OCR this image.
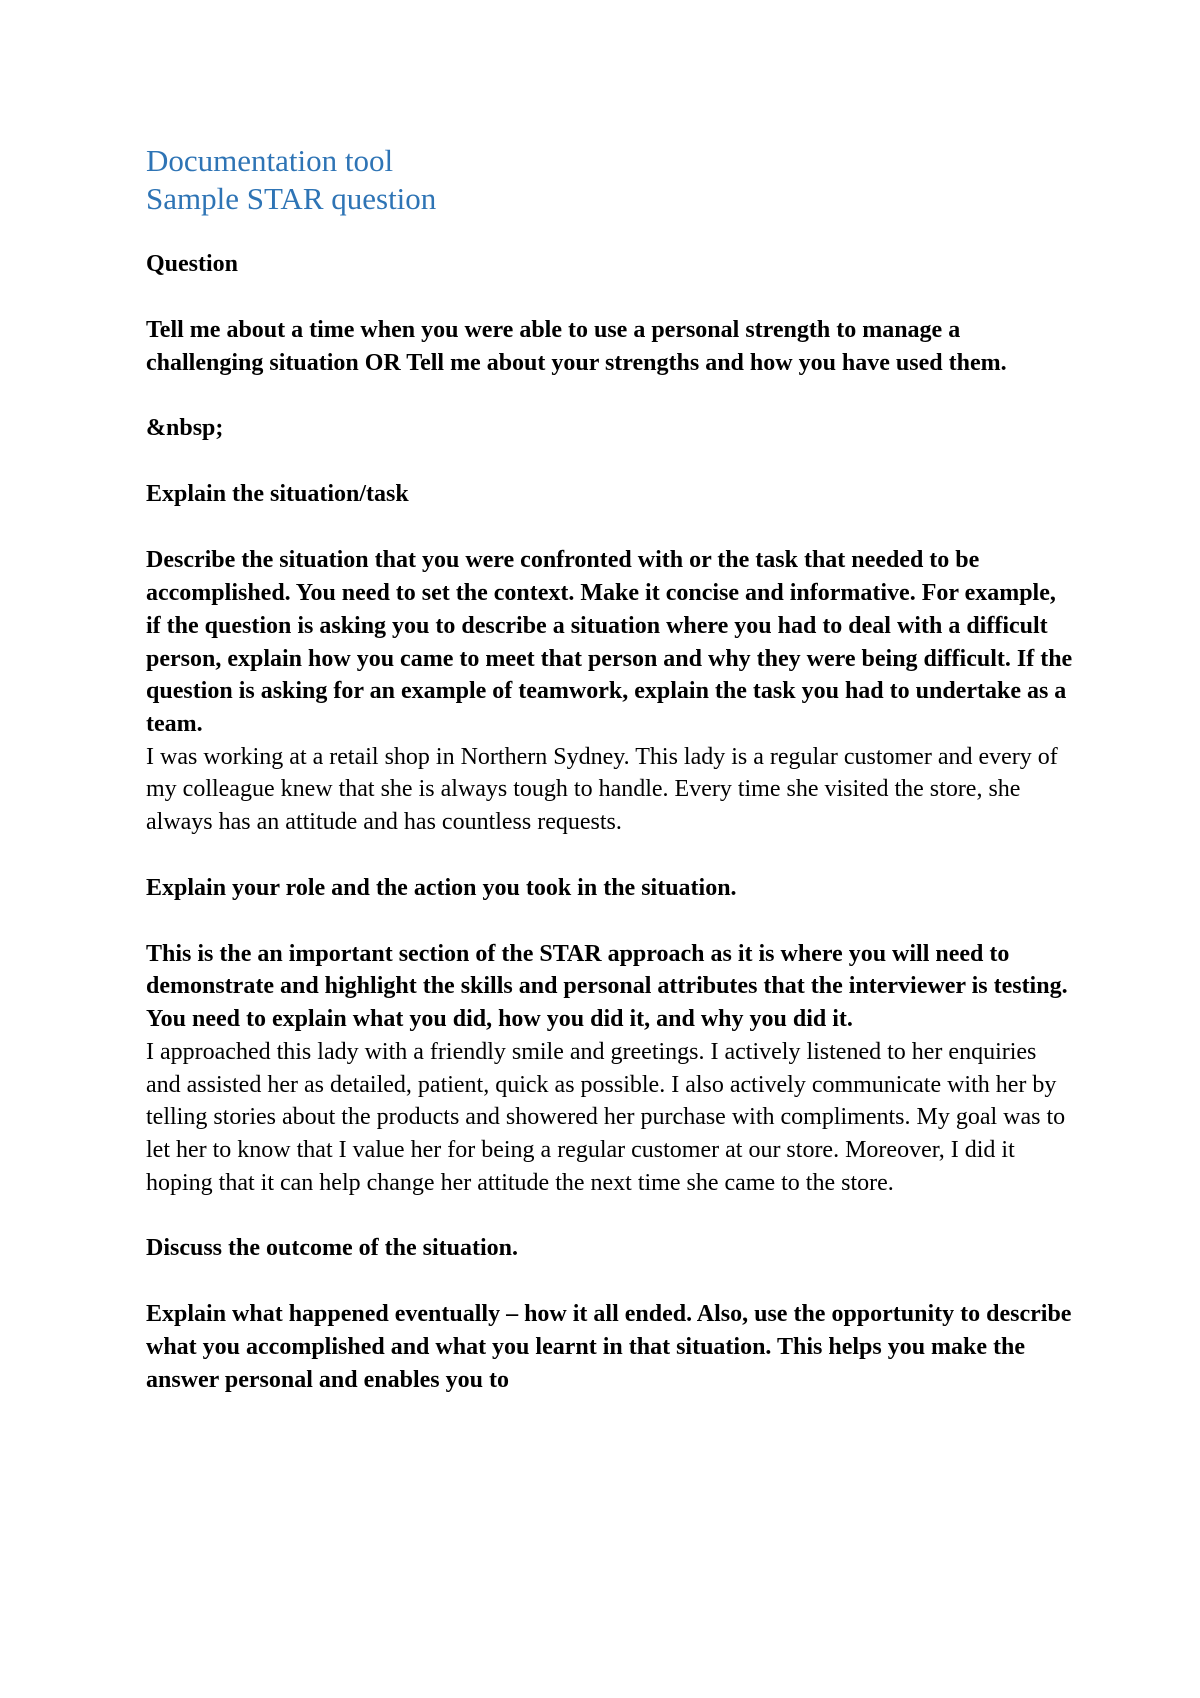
Documentation tool

Sample STAR question

Question

Tell me about a time when you were able to use a personal strength to manage a challenging situation OR Tell me about your strengths and how you have used them.

&nbsp;

Explain the situation/task

Describe the situation that you were confronted with or the task that needed to be accomplished. You need to set the context. Make it concise and informative. For example, if the question is asking you to describe a situation where you had to deal with a difficult person, explain how you came to meet that person and why they were being difficult. If the question is asking for an example of teamwork, explain the task you had to undertake as a team.

I was working at a retail shop in Northern Sydney. This lady is a regular customer and every of my colleague knew that she is always tough to handle. Every time she visited the store, she always has an attitude and has countless requests.

Explain your role and the action you took in the situation.

This is the an important section of the STAR approach as it is where you will need to demonstrate and highlight the skills and personal attributes that the interviewer is testing. You need to explain what you did, how you did it, and why you did it.

I approached this lady with a friendly smile and greetings. I actively listened to her enquiries and assisted her as detailed, patient, quick as possible. I also actively communicate with her by telling stories about the products and showered her purchase with compliments. My goal was to let her to know that I value her for being a regular customer at our store. Moreover, I did it hoping that it can help change her attitude the next time she came to the store.

Discuss the outcome of the situation.

Explain what happened eventually – how it all ended. Also, use the opportunity to describe what you accomplished and what you learnt in that situation. This helps you make the answer personal and enables you to
